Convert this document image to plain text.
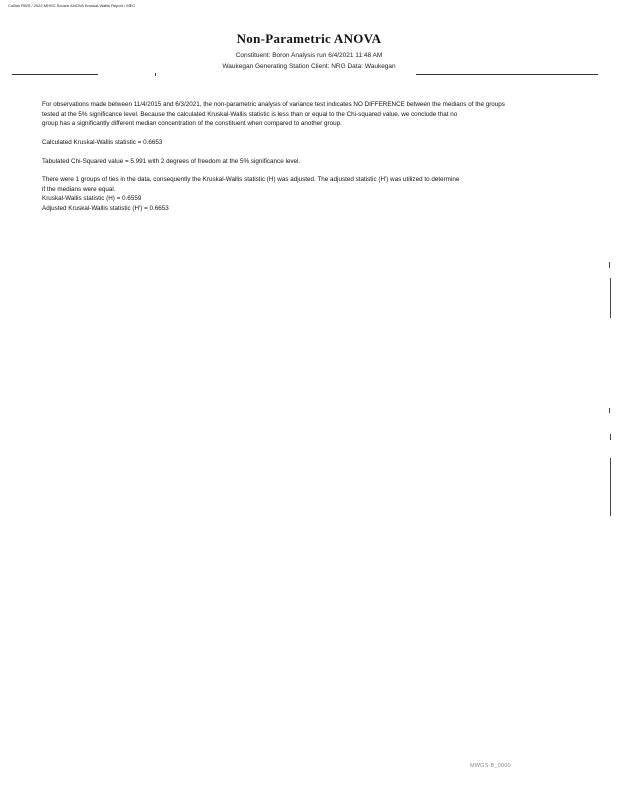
Collins RWS / 2022 MHSC Source ANOVA Kruskal-Wallis Report / MEC
Non-Parametric ANOVA
Constituent: Boron Analysis run 6/4/2021 11:48 AM
Waukegan Generating Station Client: NRG Data: Waukegan
For observations made between 11/4/2015 and 6/3/2021, the non-parametric analysis of variance test indicates NO DIFFERENCE between the medians of the groups
tested at the 5% significance level. Because the calculated Kruskal-Wallis statistic is less than or equal to the Chi-squared value, we conclude that no
group has a significantly different median concentration of the constituent when compared to another group.
Calculated Kruskal-Wallis statistic = 0.6653
Tabulated Chi-Squared value = 5.991 with 2 degrees of freedom at the 5% significance level.
There were 1 groups of ties in the data, consequently the Kruskal-Wallis statistic (H) was adjusted. The adjusted statistic (H') was utilized to determine
if the medians were equal.
Kruskal-Wallis statistic (H) = 0.6559
Adjusted Kruskal-Wallis statistic (H') = 0.6653
MWGS-B_0000
